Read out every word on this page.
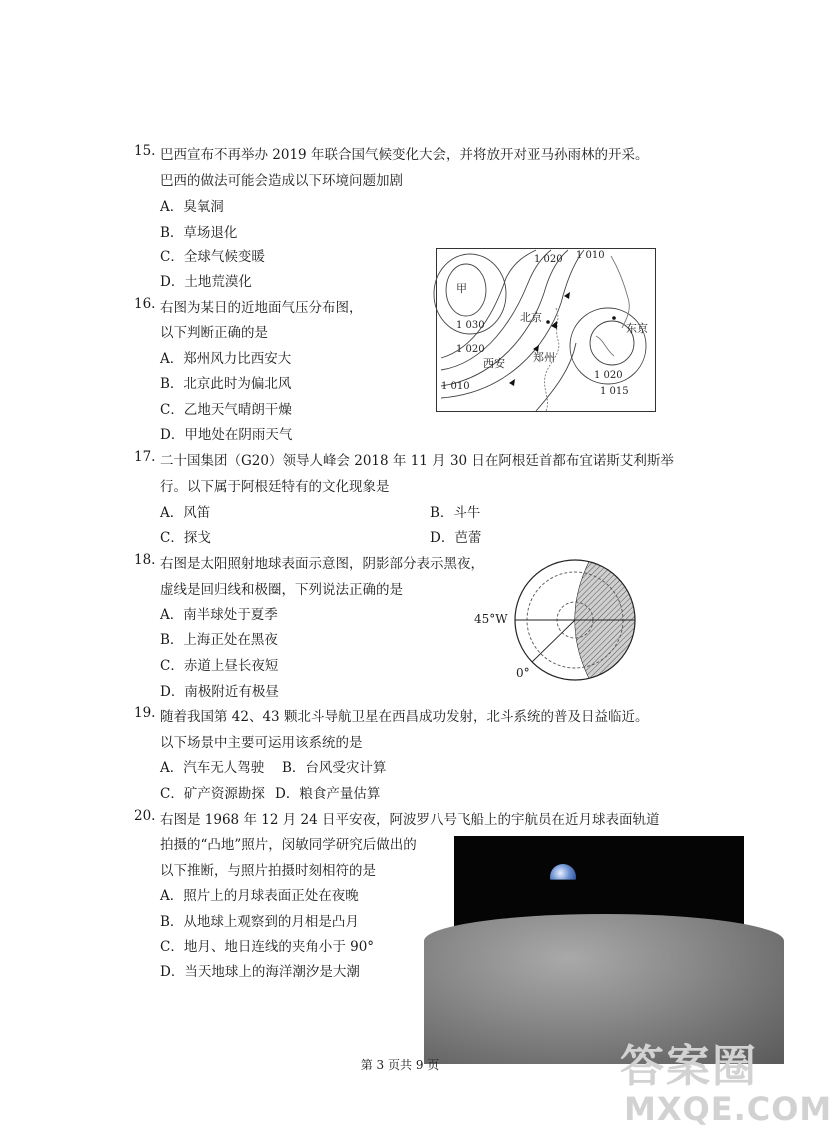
15. 巴西宣布不再举办 2019 年联合国气候变化大会，并将放开对亚马孙雨林的开采。
巴西的做法可能会造成以下环境问题加剧
A．臭氧洞
B．草场退化
C．全球气候变暖
D．土地荒漠化
16. 右图为某日的近地面气压分布图，
以下判断正确的是
A．郑州风力比西安大
B．北京此时为偏北风
C．乙地天气晴朗干燥
D．甲地处在阴雨天气
1 020 1 010
甲
1 030
1 020
北京
东京
郑州
西安
1 020
1 010	1 015
17. 二十国集团（G20）领导人峰会 2018 年 11 月 30 日在阿根廷首都布宜诺斯艾利斯举
行。以下属于阿根廷特有的文化现象是
A．风笛	B．斗牛
C．探戈	D．芭蕾
18. 右图是太阳照射地球表面示意图，阴影部分表示黑夜，
虚线是回归线和极圈，下列说法正确的是
A．南半球处于夏季
B．上海正处在黑夜
C．赤道上昼长夜短
D．南极附近有极昼
45°W
0°
19. 随着我国第 42、43 颗北斗导航卫星在西昌成功发射，北斗系统的普及日益临近。
以下场景中主要可运用该系统的是
A．汽车无人驾驶 B．台风受灾计算
C．矿产资源勘探 D．粮食产量估算
20. 右图是 1968 年 12 月 24 日平安夜，阿波罗八号飞船上的宇航员在近月球表面轨道
拍摄的“凸地”照片，闵敏同学研究后做出的
以下推断，与照片拍摄时刻相符的是
A．照片上的月球表面正处在夜晚
B．从地球上观察到的月相是凸月
C．地月、地日连线的夹角小于 90°
D．当天地球上的海洋潮汐是大潮
第 3 页共 9 页	答案圈
MXQE.COM
